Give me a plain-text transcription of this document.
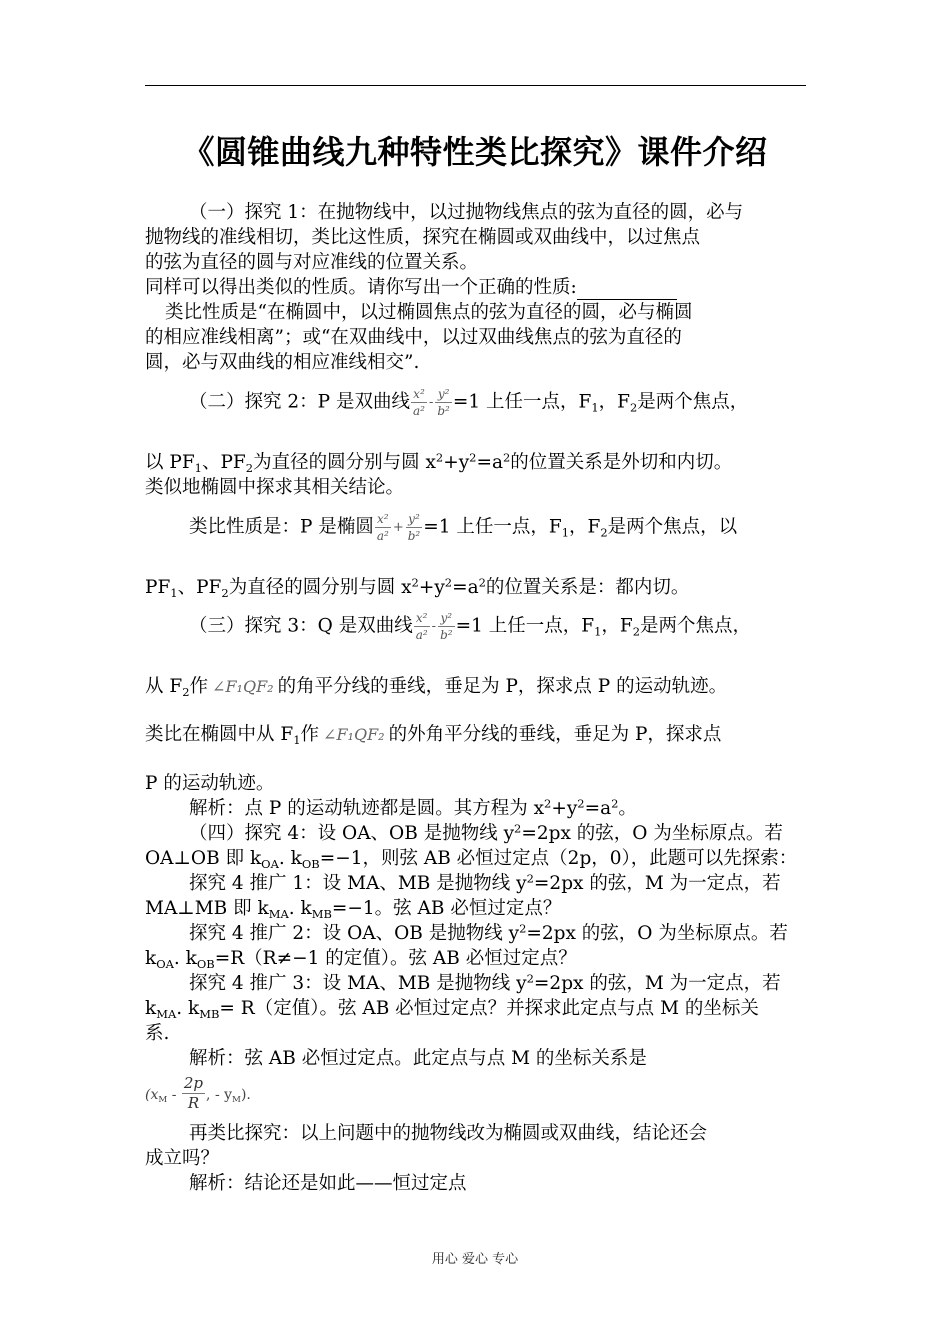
《圆锥曲线九种特性类比探究》课件介绍
（一）探究 1：在抛物线中，以过抛物线焦点的弦为直径的圆，必与
抛物线的准线相切，类比这性质，探究在椭圆或双曲线中，以过焦点
的弦为直径的圆与对应准线的位置关系。
同样可以得出类似的性质。请你写出一个正确的性质:
类比性质是“在椭圆中，以过椭圆焦点的弦为直径的圆，必与椭圆
的相应准线相离”；或“在双曲线中，以过双曲线焦点的弦为直径的
圆，必与双曲线的相应准线相交”.
（二）探究 2：P 是双曲线 $\frac{\text{x²}}{\text{a²}} - \frac{\text{y²}}{\text{b²}} =1$ 上任一点，$F_1$，$F_2$是两个焦点，
以 $PF_1$、$PF_2$为直径的圆分别与圆 $x^2+y^2=a^2$的位置关系是外切和内切。
类似地椭圆中探求其相关结论。
类比性质是：P 是椭圆 $\frac{\text{x²}}{\text{a²}} + \frac{\text{y²}}{\text{b²}} =1$ 上任一点，$F_1$，$F_2$是两个焦点，以
$PF_1$、$PF_2$为直径的圆分别与圆 $x^2+y^2=a^2$的位置关系是：都内切。
（三）探究 3：Q 是双曲线 $\frac{\text{x²}}{\text{a²}} - \frac{\text{y²}}{\text{b²}} =1$ 上任一点，$F_1$，$F_2$是两个焦点，
从 $F_2$作 ∠F₁QF₂ 的角平分线的垂线，垂足为 P，探求点 P 的运动轨迹。
类比在椭圆中从 $F_1$作 ∠F₁QF₂ 的外角平分线的垂线，垂足为 P，探求点
P 的运动轨迹。
解析：点 P 的运动轨迹都是圆。其方程为 $x^2+y^2=a^2$。
（四）探究 4：设 OA、OB 是抛物线 $y^2=2px$ 的弦，O 为坐标原点。若
OA⊥OB 即 $k_{OA}$. $k_{OB}=-1$，则弦 AB 必恒过定点（2p，0），此题可以先探索：
探究 4 推广 1：设 MA、MB 是抛物线 $y^2=2px$ 的弦，M 为一定点，若
MA⊥MB 即 $k_{MA}$. $k_{MB}=-1$。弦 AB 必恒过定点？
探究 4 推广 2：设 OA、OB 是抛物线 $y^2=2px$ 的弦，O 为坐标原点。若
$k_{OA}$. $k_{OB}=R(R\ne-1$ 的定值）。弦 AB 必恒过定点？
探究 4 推广 3：设 MA、MB 是抛物线 $y^2=2px$ 的弦，M 为一定点，若
$k_{MA}$. $k_{MB}= R$（定值）。弦 AB 必恒过定点？并探求此定点与点 M 的坐标关
系.
解析：弦 AB 必恒过定点。此定点与点 M 的坐标关系是
($x_M - \frac{2p}{R}$ , - $y_M$).
再类比探究：以上问题中的抛物线改为椭圆或双曲线，结论还会
成立吗？
解析：结论还是如此——恒过定点
用心 爱心 专心
